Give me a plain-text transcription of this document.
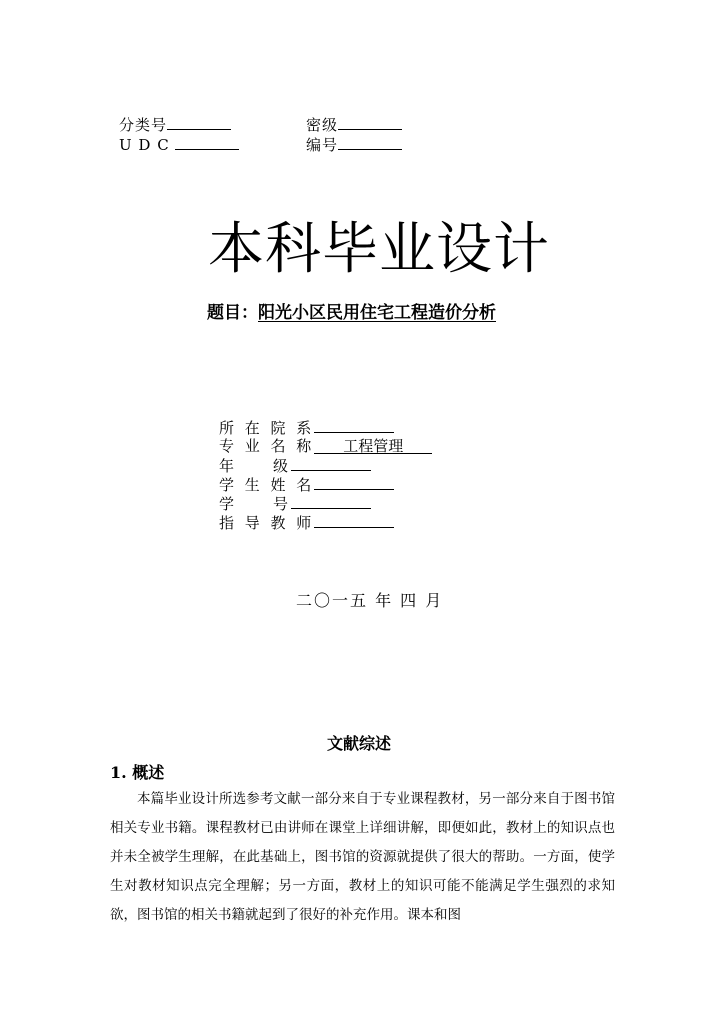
分类号	密级
U D C	编号
本科毕业设计
题目：阳光小区民用住宅工程造价分析
所 在 院 系
专 业 名 称 工程管理
年　　级
学 生 姓 名
学　　号
指 导 教 师
二〇一五 年 四 月
文献综述
1. 概述
本篇毕业设计所选参考文献一部分来自于专业课程教材，另一部分来自于图书馆相关专业书籍。课程教材已由讲师在课堂上详细讲解，即便如此，教材上的知识点也并未全被学生理解，在此基础上，图书馆的资源就提供了很大的帮助。一方面，使学生对教材知识点完全理解；另一方面，教材上的知识可能不能满足学生强烈的求知欲，图书馆的相关书籍就起到了很好的补充作用。课本和图
